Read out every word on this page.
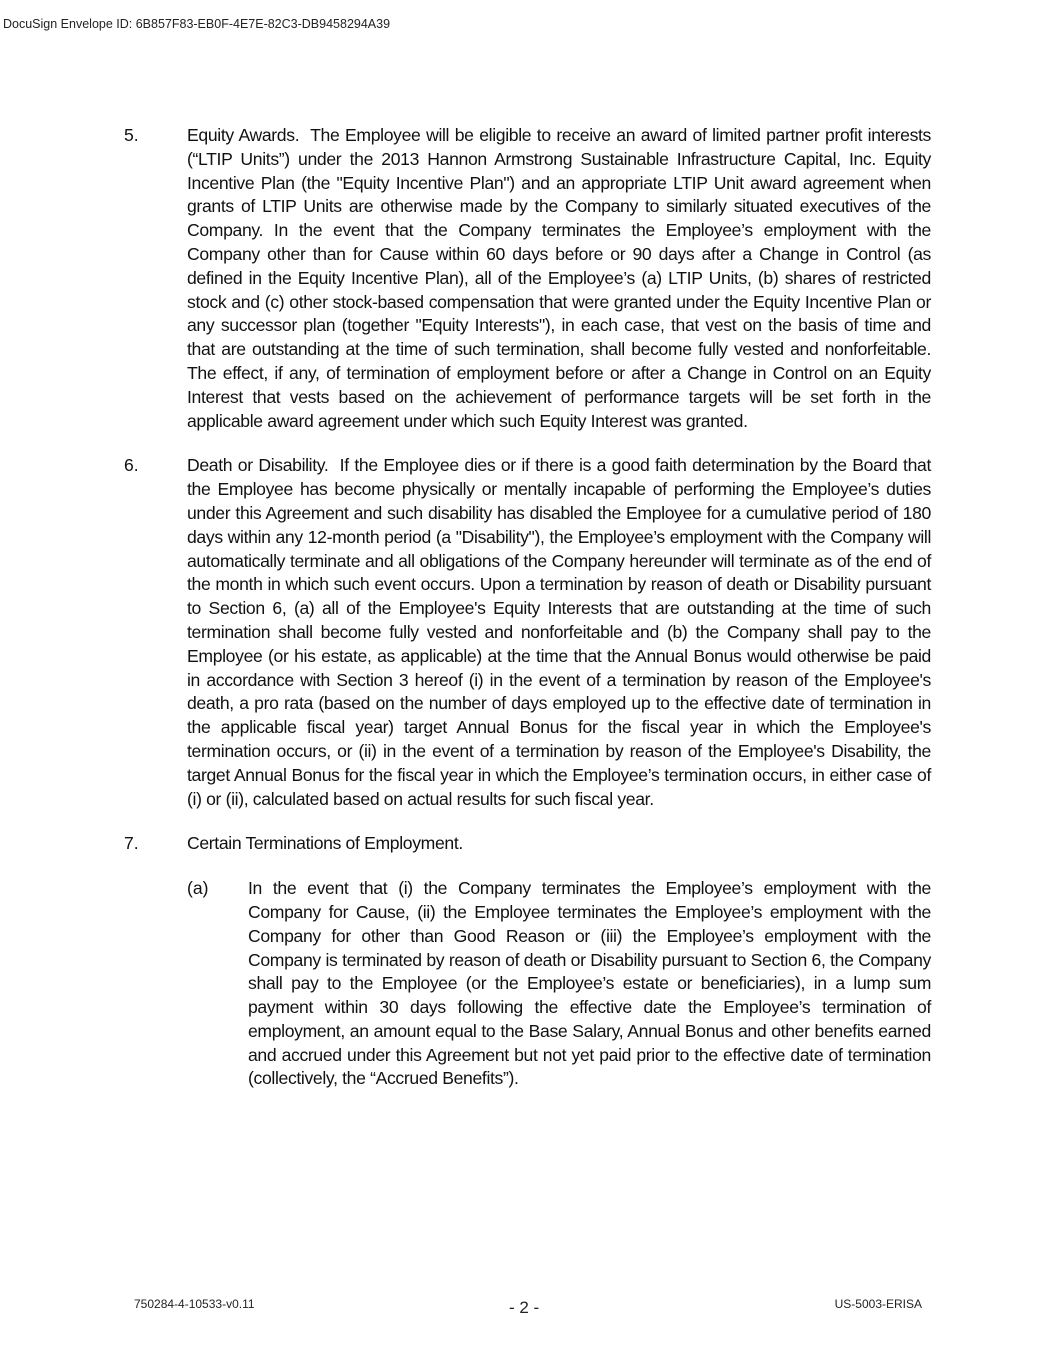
DocuSign Envelope ID: 6B857F83-EB0F-4E7E-82C3-DB9458294A39
5.	Equity Awards. The Employee will be eligible to receive an award of limited partner profit interests (“LTIP Units”) under the 2013 Hannon Armstrong Sustainable Infrastructure Capital, Inc. Equity Incentive Plan (the "Equity Incentive Plan") and an appropriate LTIP Unit award agreement when grants of LTIP Units are otherwise made by the Company to similarly situated executives of the Company. In the event that the Company terminates the Employee’s employment with the Company other than for Cause within 60 days before or 90 days after a Change in Control (as defined in the Equity Incentive Plan), all of the Employee’s (a) LTIP Units, (b) shares of restricted stock and (c) other stock-based compensation that were granted under the Equity Incentive Plan or any successor plan (together "Equity Interests"), in each case, that vest on the basis of time and that are outstanding at the time of such termination, shall become fully vested and nonforfeitable. The effect, if any, of termination of employment before or after a Change in Control on an Equity Interest that vests based on the achievement of performance targets will be set forth in the applicable award agreement under which such Equity Interest was granted.
6.	Death or Disability. If the Employee dies or if there is a good faith determination by the Board that the Employee has become physically or mentally incapable of performing the Employee’s duties under this Agreement and such disability has disabled the Employee for a cumulative period of 180 days within any 12-month period (a "Disability"), the Employee’s employment with the Company will automatically terminate and all obligations of the Company hereunder will terminate as of the end of the month in which such event occurs. Upon a termination by reason of death or Disability pursuant to Section 6, (a) all of the Employee's Equity Interests that are outstanding at the time of such termination shall become fully vested and nonforfeitable and (b) the Company shall pay to the Employee (or his estate, as applicable) at the time that the Annual Bonus would otherwise be paid in accordance with Section 3 hereof (i) in the event of a termination by reason of the Employee's death, a pro rata (based on the number of days employed up to the effective date of termination in the applicable fiscal year) target Annual Bonus for the fiscal year in which the Employee's termination occurs, or (ii) in the event of a termination by reason of the Employee's Disability, the target Annual Bonus for the fiscal year in which the Employee’s termination occurs, in either case of (i) or (ii), calculated based on actual results for such fiscal year.
7.	Certain Terminations of Employment.
(a) In the event that (i) the Company terminates the Employee’s employment with the Company for Cause, (ii) the Employee terminates the Employee’s employment with the Company for other than Good Reason or (iii) the Employee’s employment with the Company is terminated by reason of death or Disability pursuant to Section 6, the Company shall pay to the Employee (or the Employee’s estate or beneficiaries), in a lump sum payment within 30 days following the effective date the Employee’s termination of employment, an amount equal to the Base Salary, Annual Bonus and other benefits earned and accrued under this Agreement but not yet paid prior to the effective date of termination (collectively, the “Accrued Benefits”).
750284-4-10533-v0.11	- 2 -	US-5003-ERISA
